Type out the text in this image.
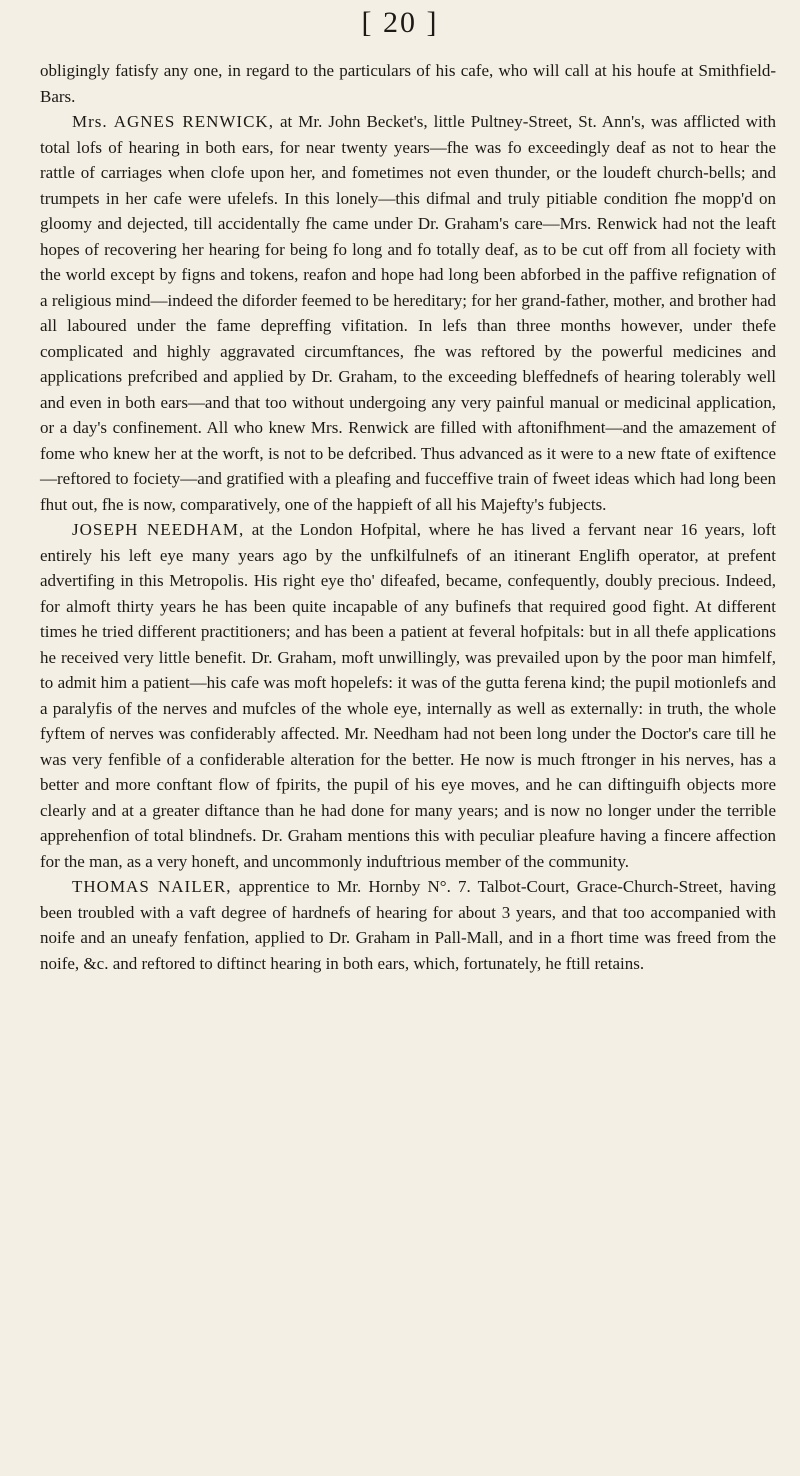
[ 20 ]

obligingly fatisfy any one, in regard to the particulars of his cafe, who will call at his houfe at Smithfield-Bars.

Mrs. AGNES RENWICK, at Mr. John Becket's, little Pultney-Street, St. Ann's, was afflicted with total lofs of hearing in both ears, for near twenty years—fhe was fo exceedingly deaf as not to hear the rattle of carriages when clofe upon her, and fometimes not even thunder, or the loudeft church-bells; and trumpets in her cafe were ufelefs. In this lonely—this difmal and truly pitiable condition fhe mopp'd on gloomy and dejected, till accidentally fhe came under Dr. Graham's care—Mrs. Renwick had not the leaft hopes of recovering her hearing for being fo long and fo totally deaf, as to be cut off from all fociety with the world except by figns and tokens, reafon and hope had long been abforbed in the paffive refignation of a religious mind—indeed the diforder feemed to be hereditary; for her grand-father, mother, and brother had all laboured under the fame depreffing vifitation. In lefs than three months however, under thefe complicated and highly aggravated circumftances, fhe was reftored by the powerful medicines and applications prefcribed and applied by Dr. Graham, to the exceeding bleffednefs of hearing tolerably well and even in both ears—and that too without undergoing any very painful manual or medicinal application, or a day's confinement. All who knew Mrs. Renwick are filled with aftonifhment—and the amazement of fome who knew her at the worft, is not to be defcribed. Thus advanced as it were to a new ftate of exiftence—reftored to fociety—and gratified with a pleafing and fucceffive train of fweet ideas which had long been fhut out, fhe is now, comparatively, one of the happieft of all his Majefty's fubjects.

JOSEPH NEEDHAM, at the London Hofpital, where he has lived a fervant near 16 years, loft entirely his left eye many years ago by the unfkilfulnefs of an itinerant Englifh operator, at prefent advertifing in this Metropolis. His right eye tho' difeafed, became, confequently, doubly precious. Indeed, for almoft thirty years he has been quite incapable of any bufinefs that required good fight. At different times he tried different practitioners; and has been a patient at feveral hofpitals: but in all thefe applications he received very little benefit. Dr. Graham, moft unwillingly, was prevailed upon by the poor man himfelf, to admit him a patient—his cafe was moft hopelefs: it was of the gutta ferena kind; the pupil motionlefs and a paralyfis of the nerves and mufcles of the whole eye, internally as well as externally: in truth, the whole fyftem of nerves was confiderably affected. Mr. Needham had not been long under the Doctor's care till he was very fenfible of a confiderable alteration for the better. He now is much ftronger in his nerves, has a better and more conftant flow of fpirits, the pupil of his eye moves, and he can diftinguifh objects more clearly and at a greater diftance than he had done for many years; and is now no longer under the terrible apprehenfion of total blindnefs. Dr. Graham mentions this with peculiar pleafure having a fincere affection for the man, as a very honeft, and uncommonly induftrious member of the community.

THOMAS NAILER, apprentice to Mr. Hornby N°. 7. Talbot-Court, Grace-Church-Street, having been troubled with a vaft degree of hardnefs of hearing for about 3 years, and that too accompanied with noife and an uneafy fenfation, applied to Dr. Graham in Pall-Mall, and in a fhort time was freed from the noife, &c. and reftored to diftinct hearing in both ears, which, fortunately, he ftill retains.
